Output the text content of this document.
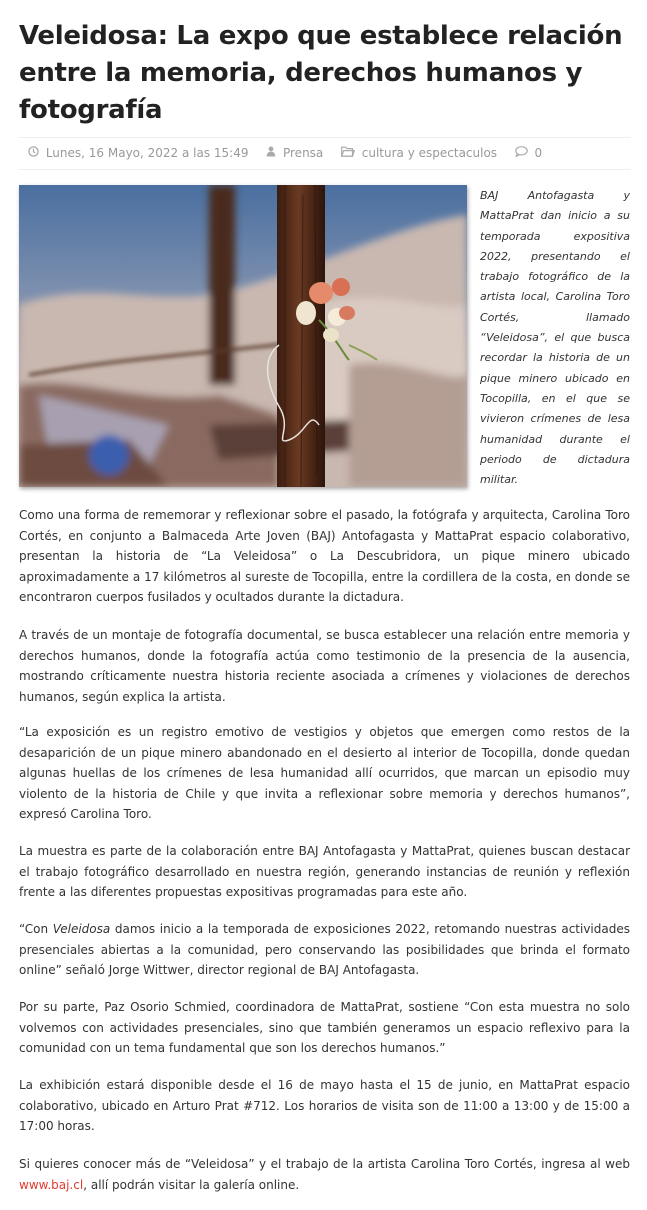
Veleidosa: La expo que establece relación entre la memoria, derechos humanos y fotografía
Lunes, 16 Mayo, 2022 a las 15:49	Prensa	cultura y espectaculos	0

BAJ Antofagasta y MattaPrat dan inicio a su temporada expositiva 2022, presentando el trabajo fotográfico de la artista local, Carolina Toro Cortés, llamado “Veleidosa”, el que busca recordar la historia de un pique minero ubicado en Tocopilla, en el que se vivieron crímenes de lesa humanidad durante el periodo de dictadura militar.

Como una forma de rememorar y reflexionar sobre el pasado, la fotógrafa y arquitecta, Carolina Toro Cortés, en conjunto a Balmaceda Arte Joven (BAJ) Antofagasta y MattaPrat espacio colaborativo, presentan la historia de “La Veleidosa” o La Descubridora, un pique minero ubicado aproximadamente a 17 kilómetros al sureste de Tocopilla, entre la cordillera de la costa, en donde se encontraron cuerpos fusilados y ocultados durante la dictadura.

A través de un montaje de fotografía documental, se busca establecer una relación entre memoria y derechos humanos, donde la fotografía actúa como testimonio de la presencia de la ausencia, mostrando críticamente nuestra historia reciente asociada a crímenes y violaciones de derechos humanos, según explica la artista.

“La exposición es un registro emotivo de vestigios y objetos que emergen como restos de la desaparición de un pique minero abandonado en el desierto al interior de Tocopilla, donde quedan algunas huellas de los crímenes de lesa humanidad allí ocurridos, que marcan un episodio muy violento de la historia de Chile y que invita a reflexionar sobre memoria y derechos humanos”, expresó Carolina Toro.

La muestra es parte de la colaboración entre BAJ Antofagasta y MattaPrat, quienes buscan destacar el trabajo fotográfico desarrollado en nuestra región, generando instancias de reunión y reflexión frente a las diferentes propuestas expositivas programadas para este año.

“Con Veleidosa damos inicio a la temporada de exposiciones 2022, retomando nuestras actividades presenciales abiertas a la comunidad, pero conservando las posibilidades que brinda el formato online” señaló Jorge Wittwer, director regional de BAJ Antofagasta.

Por su parte, Paz Osorio Schmied, coordinadora de MattaPrat, sostiene “Con esta muestra no solo volvemos con actividades presenciales, sino que también generamos un espacio reflexivo para la comunidad con un tema fundamental que son los derechos humanos.”

La exhibición estará disponible desde el 16 de mayo hasta el 15 de junio, en MattaPrat espacio colaborativo, ubicado en Arturo Prat #712. Los horarios de visita son de 11:00 a 13:00 y de 15:00 a 17:00 horas.

Si quieres conocer más de “Veleidosa” y el trabajo de la artista Carolina Toro Cortés, ingresa al web www.baj.cl, allí podrán visitar la galería online.
